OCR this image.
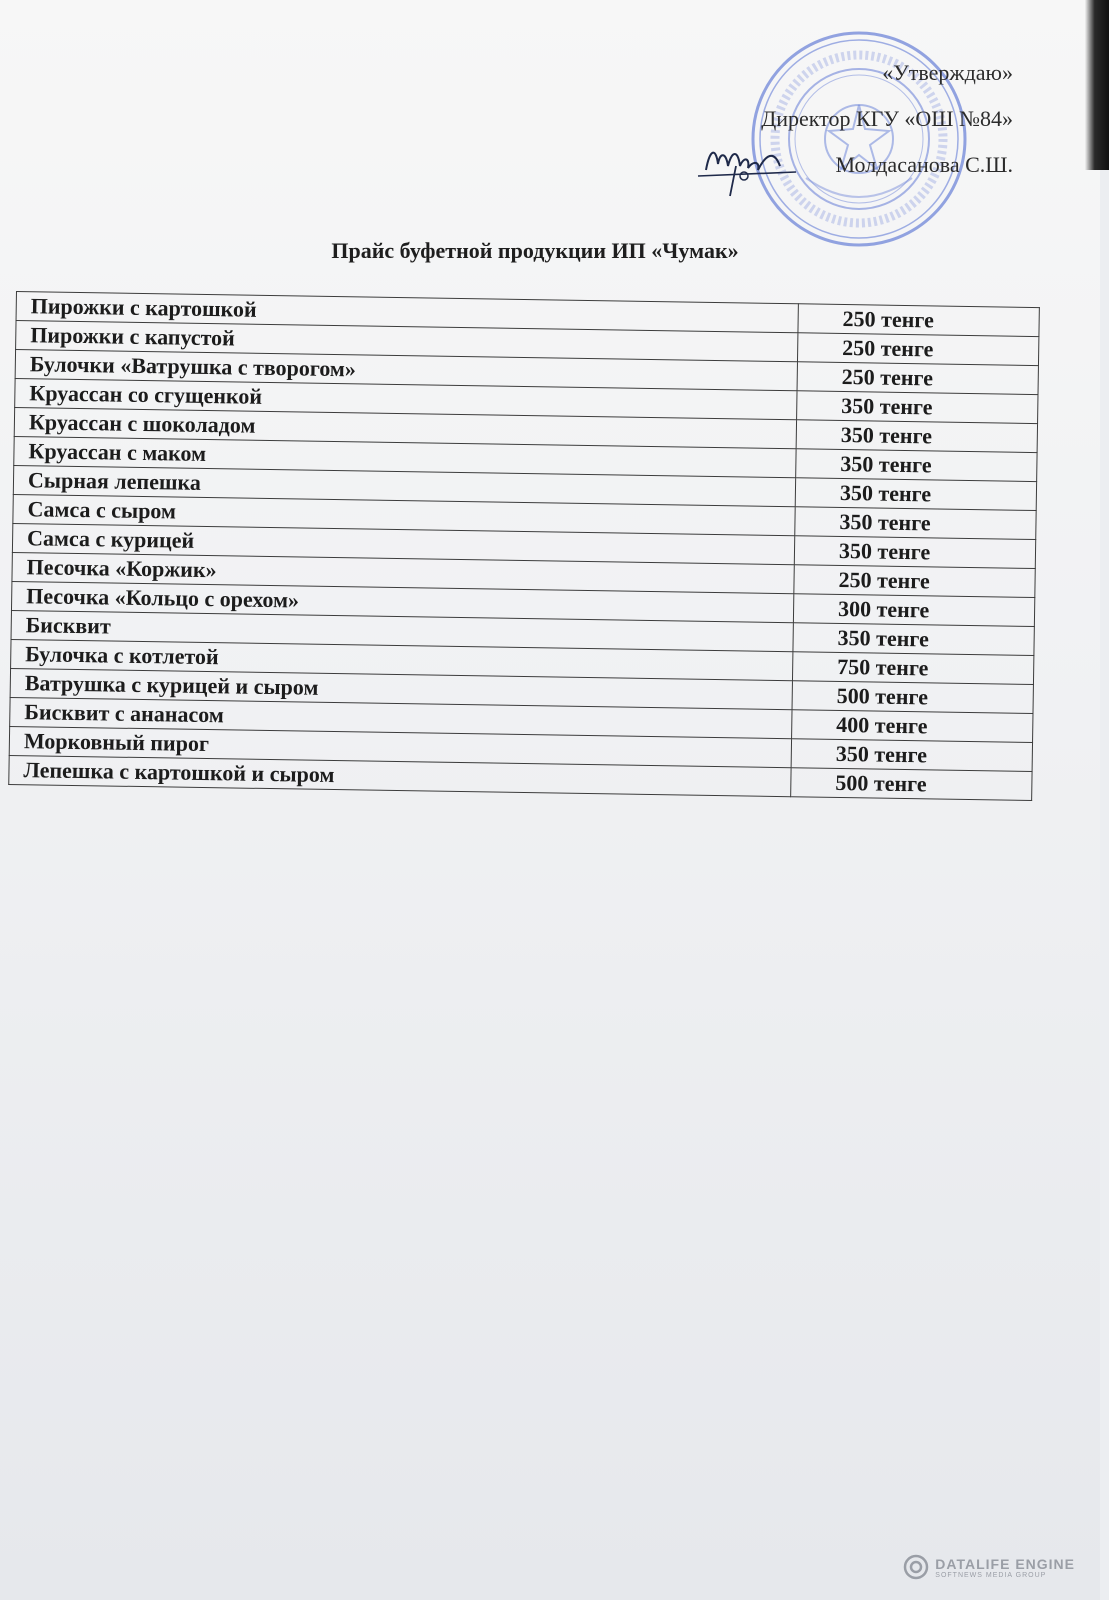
«Утверждаю»
Директор КГУ «ОШ №84»
Молдасанова С.Ш.
Прайс буфетной продукции ИП «Чумак»
Пирожки с картошкой	250 тенге
Пирожки с капустой	250 тенге
Булочки «Ватрушка с творогом»	250 тенге
Круассан со сгущенкой	350 тенге
Круассан с шоколадом	350 тенге
Круассан с маком	350 тенге
Сырная лепешка	350 тенге
Самса с сыром	350 тенге
Самса с курицей	350 тенге
Песочка «Коржик»	250 тенге
Песочка «Кольцо с орехом»	300 тенге
Бисквит	350 тенге
Булочка с котлетой	750 тенге
Ватрушка с курицей и сыром	500 тенге
Бисквит с ананасом	400 тенге
Морковный пирог	350 тенге
Лепешка с картошкой и сыром	500 тенге
DATALIFE ENGINE
SOFTNEWS MEDIA GROUP
